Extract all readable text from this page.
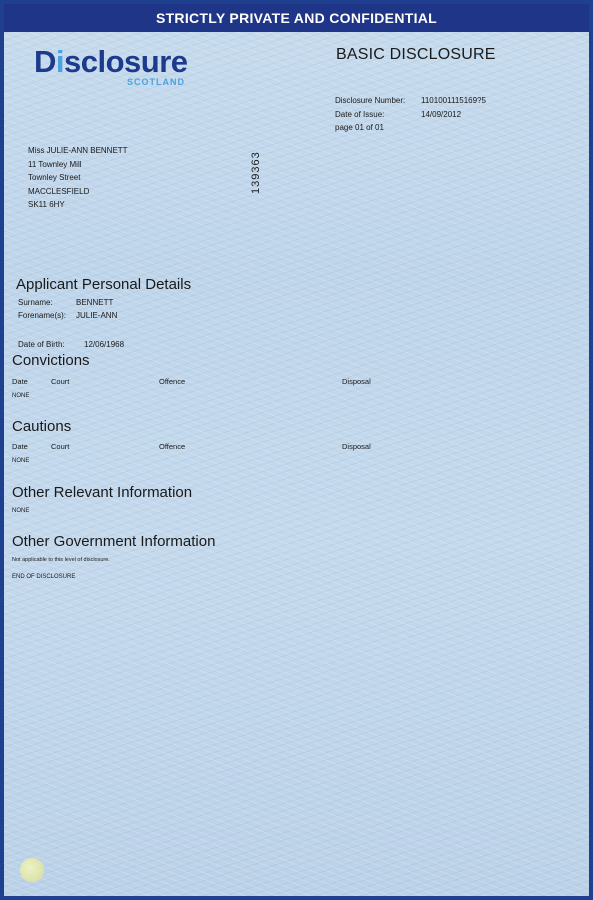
STRICTLY PRIVATE AND CONFIDENTIAL
Disclosure
SCOTLAND
BASIC DISCLOSURE
Disclosure Number:	1101001115169?5
Date of Issue:	14/09/2012
page 01 of 01
139363
Miss JULIE-ANN BENNETT
11 Townley Mill
Townley Street
MACCLESFIELD
SK11 6HY
Applicant Personal Details
Surname:	BENNETT
Forename(s):	JULIE-ANN
Date of Birth:	12/06/1968
Convictions
Date	Court	Offence	Disposal
NONE
Cautions
Date	Court	Offence	Disposal
NONE
Other Relevant Information
NONE
Other Government Information
Not applicable to this level of disclosure.
END OF DISCLOSURE
